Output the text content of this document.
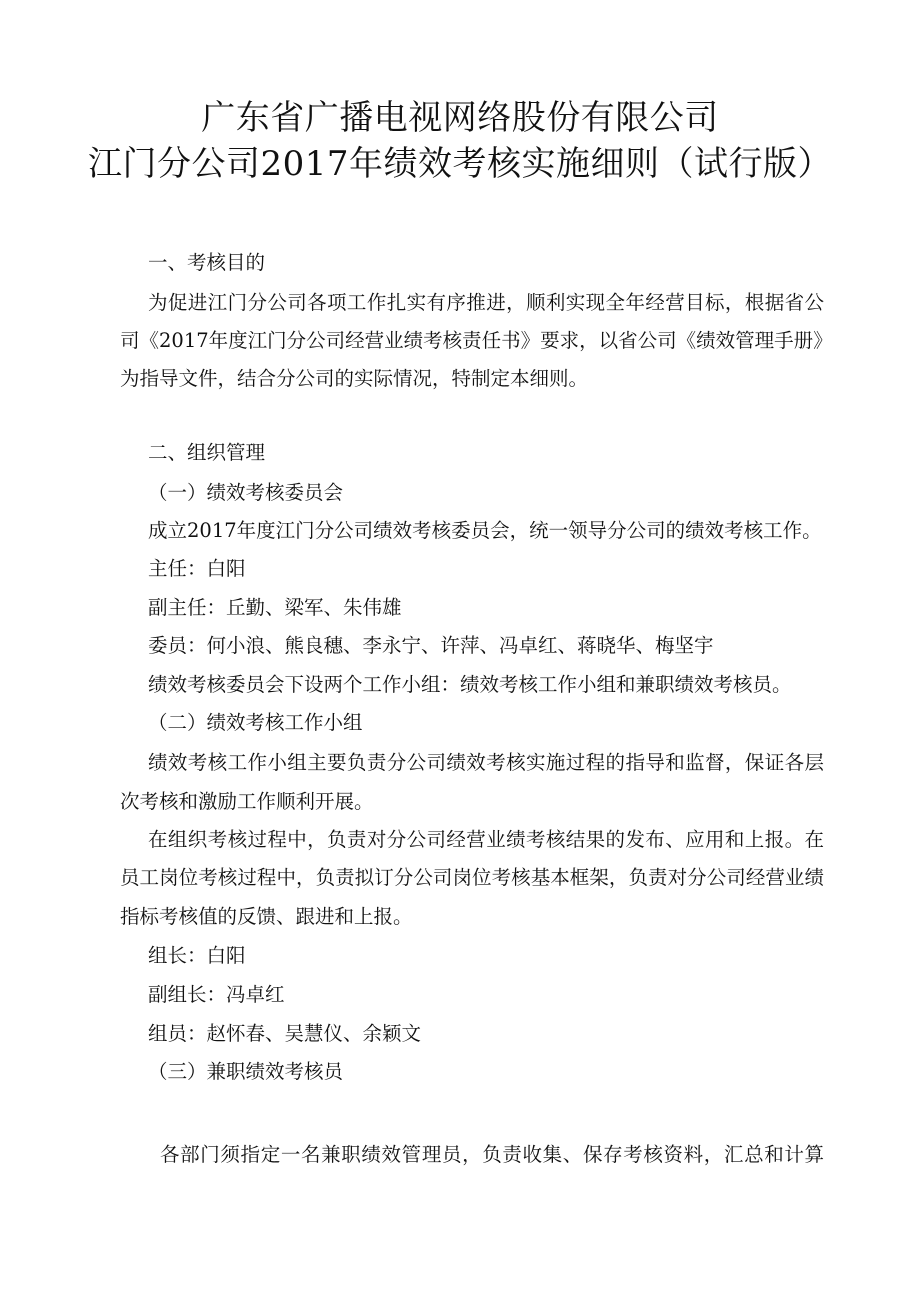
广东省广播电视网络股份有限公司
江门分公司2017年绩效考核实施细则（试行版）
一、考核目的
为促进江门分公司各项工作扎实有序推进，顺利实现全年经营目标，根据省公
司《2017年度江门分公司经营业绩考核责任书》要求，以省公司《绩效管理手册》
为指导文件，结合分公司的实际情况，特制定本细则。
二、组织管理
（一）绩效考核委员会
成立2017年度江门分公司绩效考核委员会，统一领导分公司的绩效考核工作。
主任：白阳
副主任：丘勤、梁军、朱伟雄
委员：何小浪、熊良穗、李永宁、许萍、冯卓红、蒋晓华、梅坚宇
绩效考核委员会下设两个工作小组：绩效考核工作小组和兼职绩效考核员。
（二）绩效考核工作小组
绩效考核工作小组主要负责分公司绩效考核实施过程的指导和监督，保证各层
次考核和激励工作顺利开展。
在组织考核过程中，负责对分公司经营业绩考核结果的发布、应用和上报。在
员工岗位考核过程中，负责拟订分公司岗位考核基本框架，负责对分公司经营业绩
指标考核值的反馈、跟进和上报。
组长：白阳
副组长：冯卓红
组员：赵怀春、吴慧仪、余颖文
（三）兼职绩效考核员
各部门须指定一名兼职绩效管理员，负责收集、保存考核资料，汇总和计算
